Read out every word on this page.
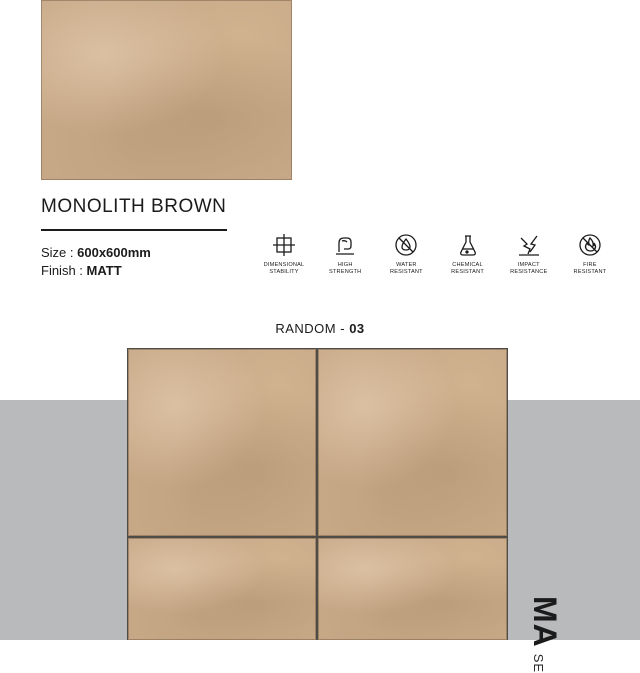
MONOLITH BROWN
Size : 600x600mm
Finish : MATT	DIMENSIONAL
STABILITY
HIGH
STRENGTH
WATER
RESISTANT
CHEMICAL
RESISTANT
IMPACT
RESISTANCE
FIRE
RESISTANT
RANDOM - 03
MA
SE
